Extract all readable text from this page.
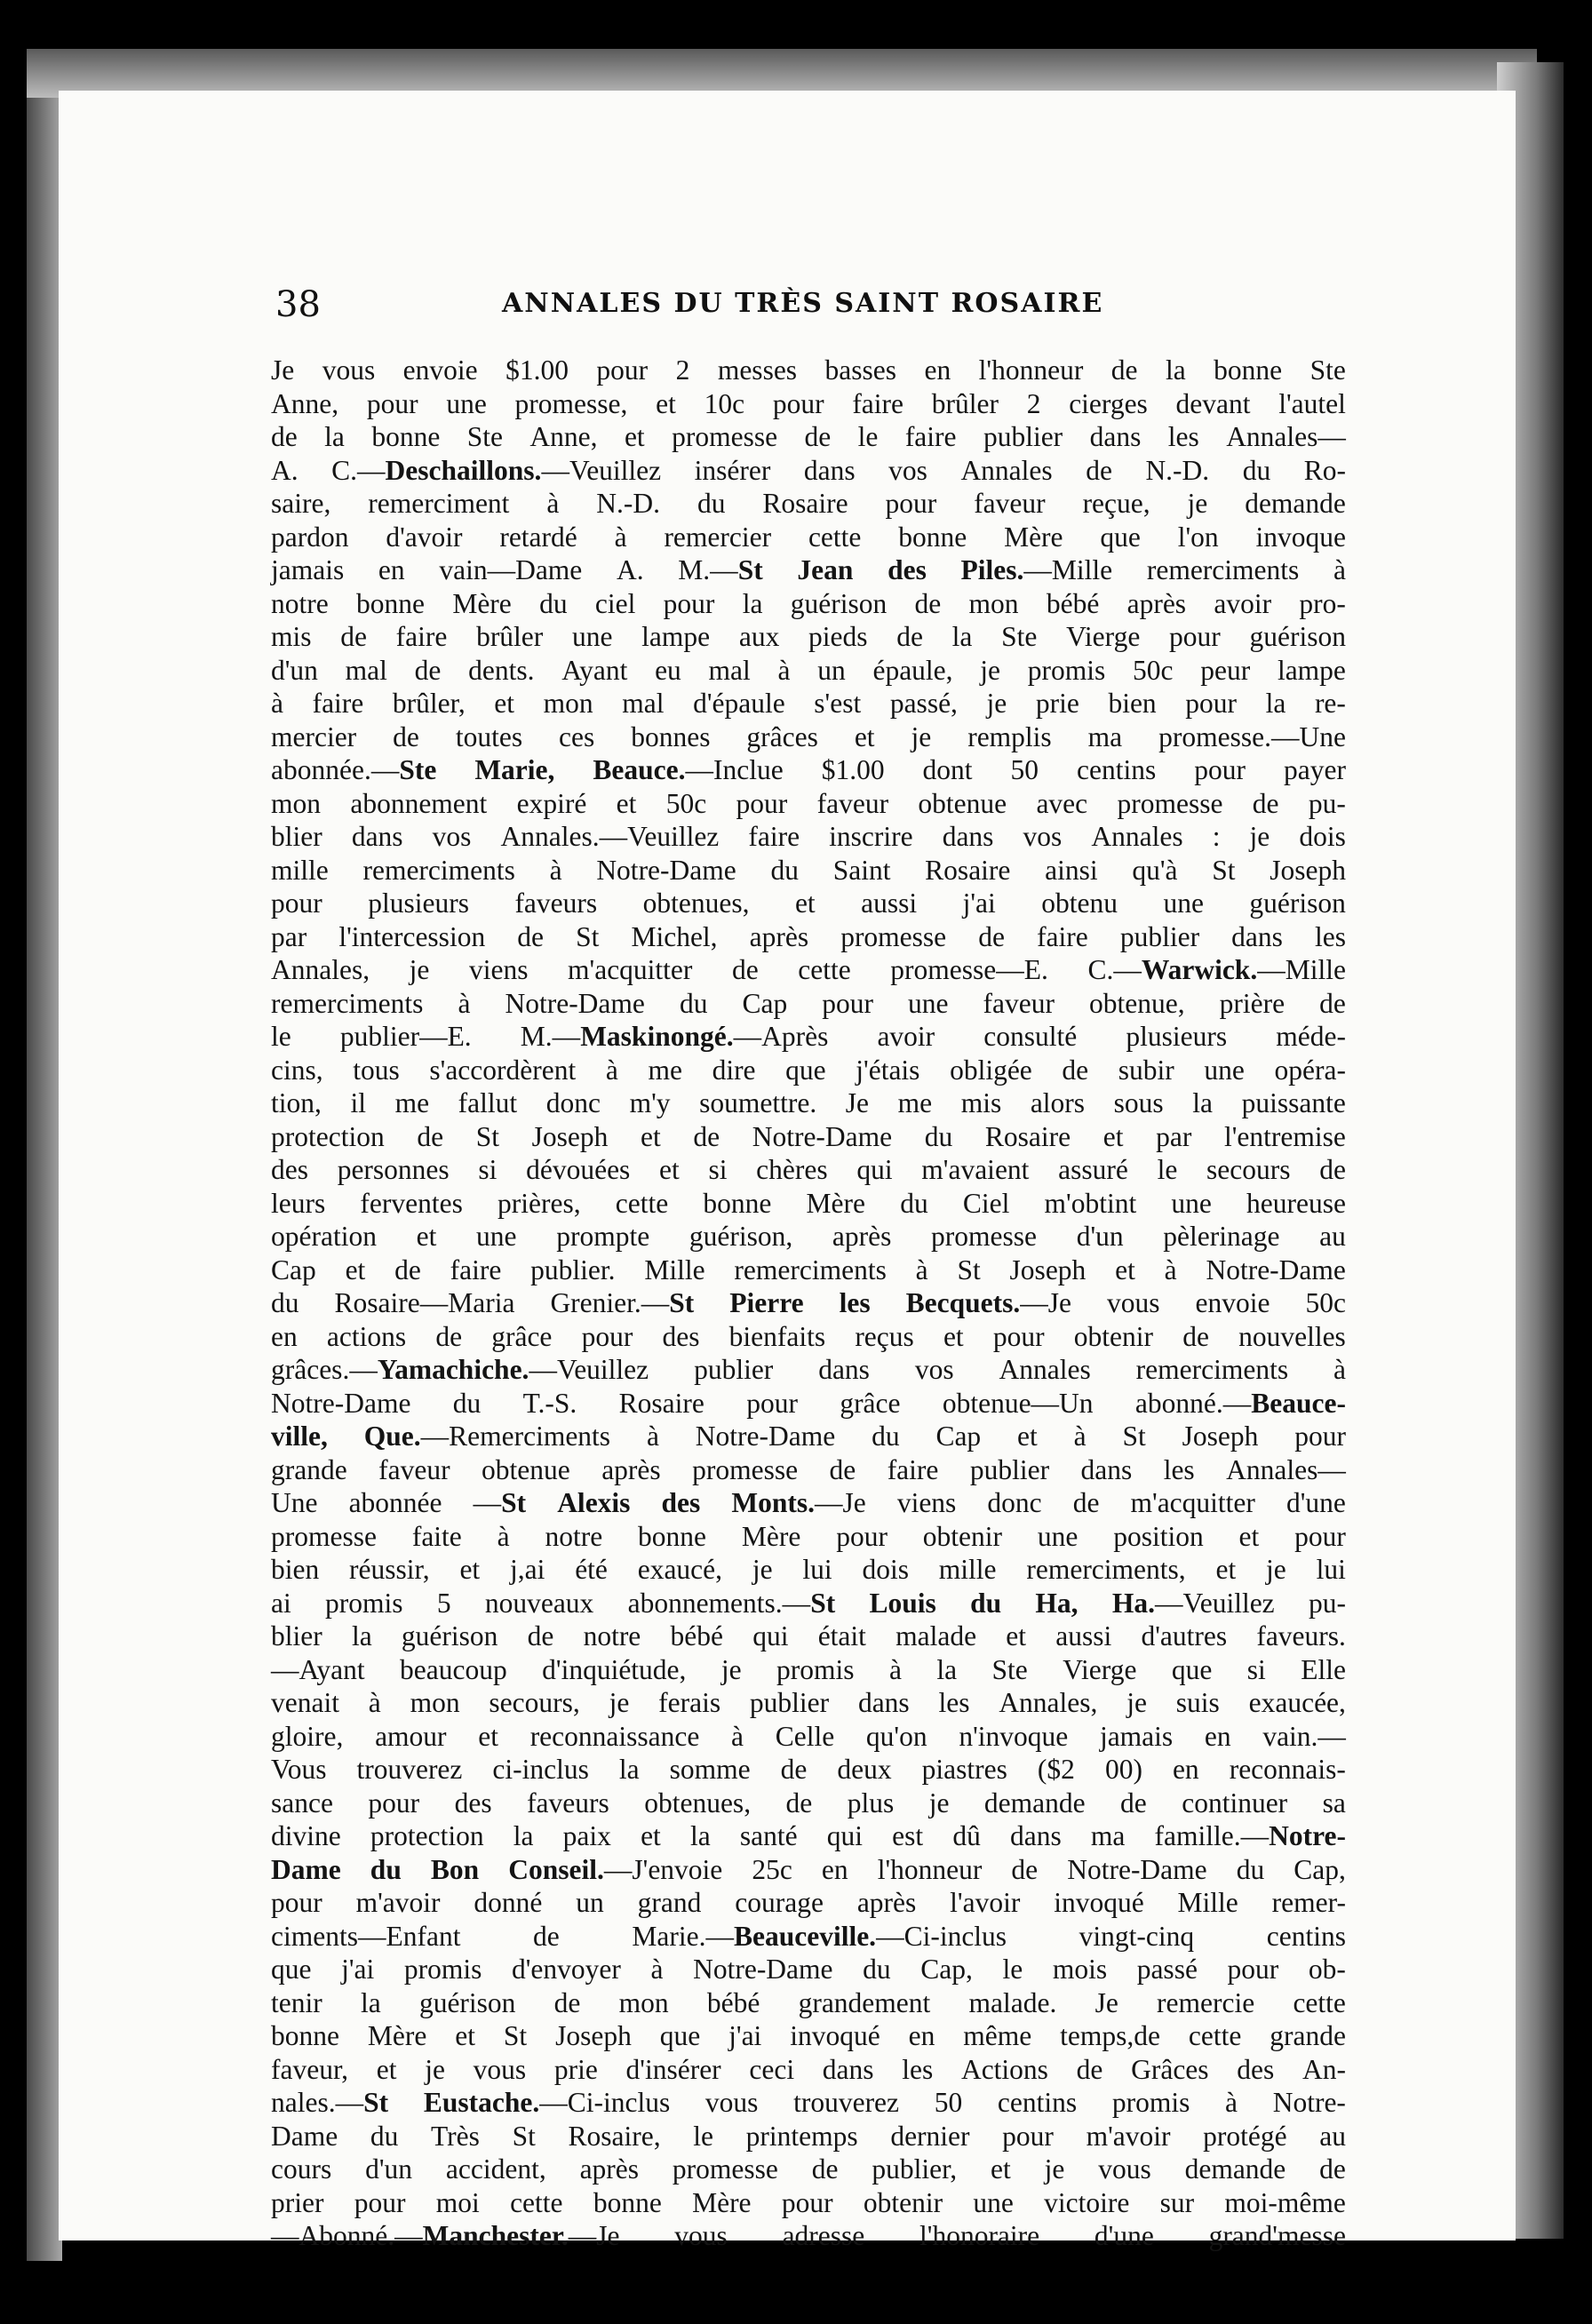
38	ANNALES DU TRÈS SAINT ROSAIRE
Je vous envoie $1.00 pour 2 messes basses en l'honneur de la bonne Ste
Anne, pour une promesse, et 10c pour faire brûler 2 cierges devant l'autel
de la bonne Ste Anne, et promesse de le faire publier dans les Annales—
A. C.—Deschaillons.—Veuillez insérer dans vos Annales de N.-D. du Ro-
saire, remerciment à N.-D. du Rosaire pour faveur reçue, je demande
pardon d'avoir retardé à remercier cette bonne Mère que l'on invoque
jamais en vain—Dame A. M.—St Jean des Piles.—Mille remerciments à
notre bonne Mère du ciel pour la guérison de mon bébé après avoir pro-
mis de faire brûler une lampe aux pieds de la Ste Vierge pour guérison
d'un mal de dents. Ayant eu mal à un épaule, je promis 50c peur lampe
à faire brûler, et mon mal d'épaule s'est passé, je prie bien pour la re-
mercier de toutes ces bonnes grâces et je remplis ma promesse.—Une
abonnée.—Ste Marie, Beauce.—Inclue $1.00 dont 50 centins pour payer
mon abonnement expiré et 50c pour faveur obtenue avec promesse de pu-
blier dans vos Annales.—Veuillez faire inscrire dans vos Annales : je dois
mille remerciments à Notre-Dame du Saint Rosaire ainsi qu'à St Joseph
pour plusieurs faveurs obtenues, et aussi j'ai obtenu une guérison
par l'intercession de St Michel, après promesse de faire publier dans les
Annales, je viens m'acquitter de cette promesse—E. C.—Warwick.—Mille
remerciments à Notre-Dame du Cap pour une faveur obtenue, prière de
le publier—E. M.—Maskinongé.—Après avoir consulté plusieurs méde-
cins, tous s'accordèrent à me dire que j'étais obligée de subir une opéra-
tion, il me fallut donc m'y soumettre. Je me mis alors sous la puissante
protection de St Joseph et de Notre-Dame du Rosaire et par l'entremise
des personnes si dévouées et si chères qui m'avaient assuré le secours de
leurs ferventes prières, cette bonne Mère du Ciel m'obtint une heureuse
opération et une prompte guérison, après promesse d'un pèlerinage au
Cap et de faire publier. Mille remerciments à St Joseph et à Notre-Dame
du Rosaire—Maria Grenier.—St Pierre les Becquets.—Je vous envoie 50c
en actions de grâce pour des bienfaits reçus et pour obtenir de nouvelles
grâces.—Yamachiche.—Veuillez publier dans vos Annales remerciments à
Notre-Dame du T.-S. Rosaire pour grâce obtenue—Un abonné.—Beauce-
ville, Que.—Remerciments à Notre-Dame du Cap et à St Joseph pour
grande faveur obtenue après promesse de faire publier dans les Annales—
Une abonnée —St Alexis des Monts.—Je viens donc de m'acquitter d'une
promesse faite à notre bonne Mère pour obtenir une position et pour
bien réussir, et j,ai été exaucé, je lui dois mille remerciments, et je lui
ai promis 5 nouveaux abonnements.—St Louis du Ha, Ha.—Veuillez pu-
blier la guérison de notre bébé qui était malade et aussi d'autres faveurs.
—Ayant beaucoup d'inquiétude, je promis à la Ste Vierge que si Elle
venait à mon secours, je ferais publier dans les Annales, je suis exaucée,
gloire, amour et reconnaissance à Celle qu'on n'invoque jamais en vain.—
Vous trouverez ci-inclus la somme de deux piastres ($2 00) en reconnais-
sance pour des faveurs obtenues, de plus je demande de continuer sa
divine protection la paix et la santé qui est dû dans ma famille.—Notre-
Dame du Bon Conseil.—J'envoie 25c en l'honneur de Notre-Dame du Cap,
pour m'avoir donné un grand courage après l'avoir invoqué Mille remer-
ciments—Enfant	de	Marie.—Beauceville.—Ci-inclus	vingt-cinq	centins
que j'ai promis d'envoyer à Notre-Dame du Cap, le mois passé pour ob-
tenir la guérison de mon bébé grandement malade. Je remercie cette
bonne Mère et St Joseph que j'ai invoqué en même temps,de cette grande
faveur, et je vous prie d'insérer ceci dans les Actions de Grâces des An-
nales.—St Eustache.—Ci-inclus vous trouverez 50 centins promis à Notre-
Dame du Très St Rosaire, le printemps dernier pour m'avoir protégé au
cours d'un accident, après promesse de publier, et je vous demande de
prier pour moi cette bonne Mère pour obtenir une victoire sur moi-même
—Abonné.—Manchester.—Je vous adresse l'honoraire d'une grand'messe
